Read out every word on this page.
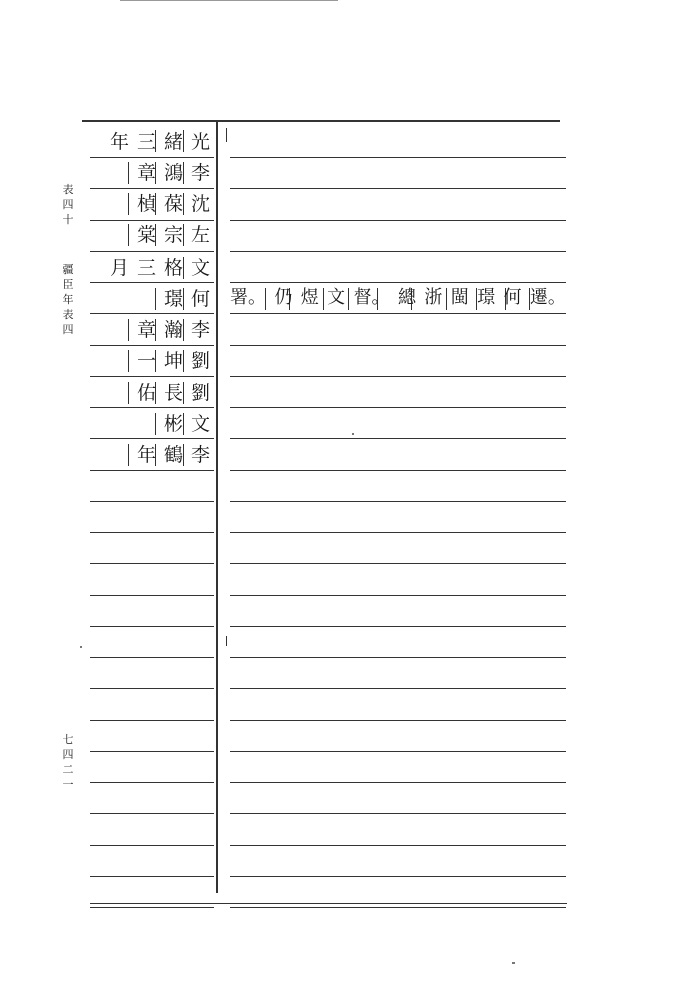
表
四
十
疆
臣
年
表
四
七
四
二
一
年 三 緒 光
章 鴻 李
楨 葆 沈
棠 宗 左
月 三 格 文
璟 何
章 瀚 李
一 坤 劉
佑 長 劉
彬 文
年 鶴 李
署。 仍 煜 文 督。 總 浙 閩 璟 何 遷。
